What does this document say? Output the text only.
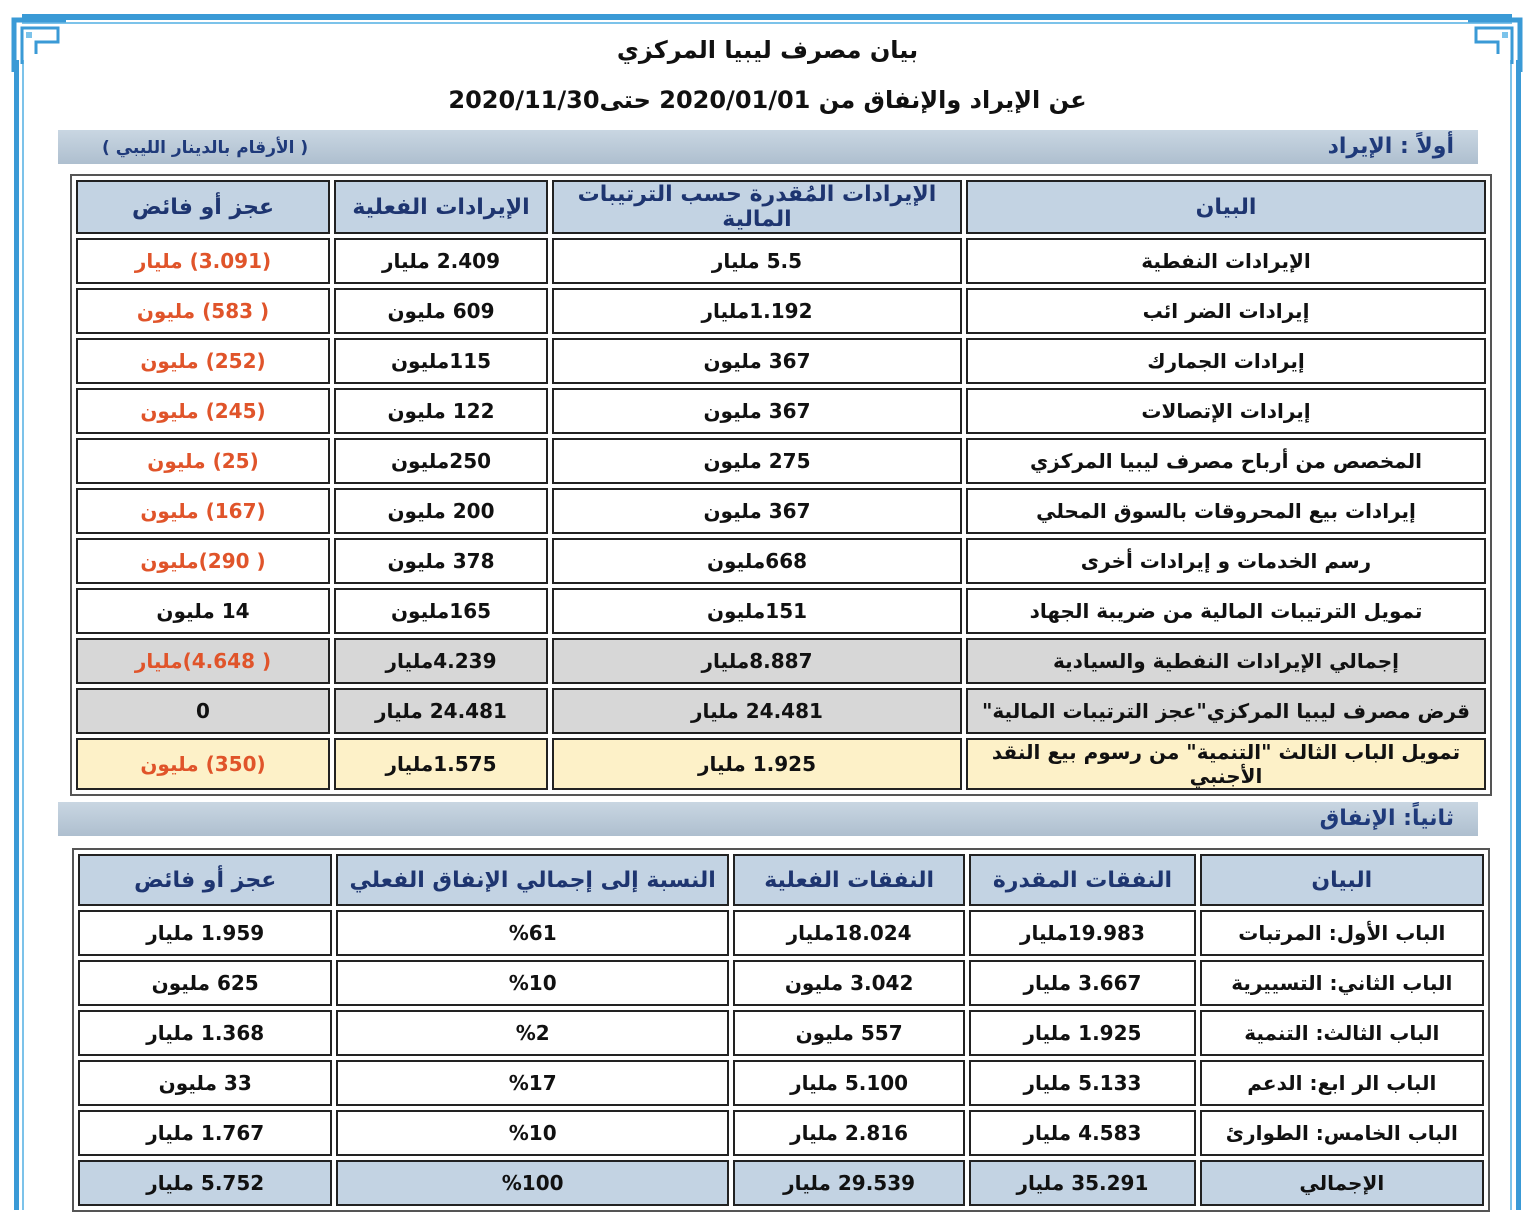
بيان مصرف ليبيا المركزي
عن الإيراد والإنفاق من 2020/01/01 حتى2020/11/30
أولاً : الإيراد
( الأرقام بالدينار الليبي )
البيان	الإيرادات المُقدرة حسب الترتيبات المالية	الإيرادات الفعلية	عجز أو فائض
الإيرادات النفطية	5.5 مليار	2.409 مليار	(3.091) مليار
إيرادات الضر ائب	1.192مليار	609 مليون	( 583) مليون
إيرادات الجمارك	367 مليون	115مليون	(252) مليون
إيرادات الإتصالات	367 مليون	122 مليون	(245) مليون
المخصص من أرباح مصرف ليبيا المركزي	275 مليون	250مليون	(25) مليون
إيرادات بيع المحروقات بالسوق المحلي	367 مليون	200 مليون	(167) مليون
رسم الخدمات و إيرادات أخرى	668مليون	378 مليون	( 290)مليون
تمويل الترتيبات المالية من ضريبة الجهاد	151مليون	165مليون	14 مليون
إجمالي الإيرادات النفطية والسيادية	8.887مليار	4.239مليار	( 4.648)مليار
قرض مصرف ليبيا المركزي"عجز الترتيبات المالية"	24.481 مليار	24.481 مليار	0
تمويل الباب الثالث "التنمية" من رسوم بيع النقد الأجنبي	1.925 مليار	1.575مليار	(350) مليون
ثانياً: الإنفاق
البيان	النفقات المقدرة	النفقات الفعلية	النسبة إلى إجمالي الإنفاق الفعلي	عجز أو فائض
الباب الأول: المرتبات	19.983مليار	18.024مليار	%61	1.959 مليار
الباب الثاني: التسييرية	3.667 مليار	3.042 مليون	%10	625 مليون
الباب الثالث: التنمية	1.925 مليار	557 مليون	%2	1.368 مليار
الباب الر ابع: الدعم	5.133 مليار	5.100 مليار	%17	33 مليون
الباب الخامس: الطوارئ	4.583 مليار	2.816 مليار	%10	1.767 مليار
الإجمالي	35.291 مليار	29.539 مليار	%100	5.752 مليار
